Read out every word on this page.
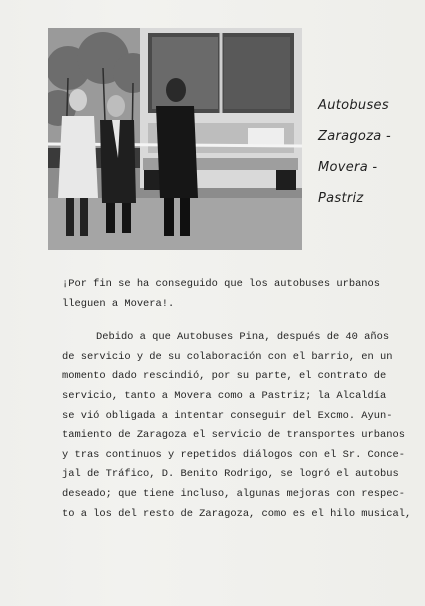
Autobuses
Zaragoza -
Movera -
Pastriz

¡Por fin se ha conseguido que los autobuses urbanos
lleguen a Movera!.

Debido a que Autobuses Pina, después de 40 años
de servicio y de su colaboración con el barrio, en un
momento dado rescindió, por su parte, el contrato de
servicio, tanto a Movera como a Pastriz; la Alcaldía
se vió obligada a intentar conseguir del Excmo. Ayun-
tamiento de Zaragoza el servicio de transportes urbanos
y tras continuos y repetidos diálogos con el Sr. Conce-
jal de Tráfico, D. Benito Rodrigo, se logró el autobus
deseado; que tiene incluso, algunas mejoras con respec-
to a los del resto de Zaragoza, como es el hilo musical,
